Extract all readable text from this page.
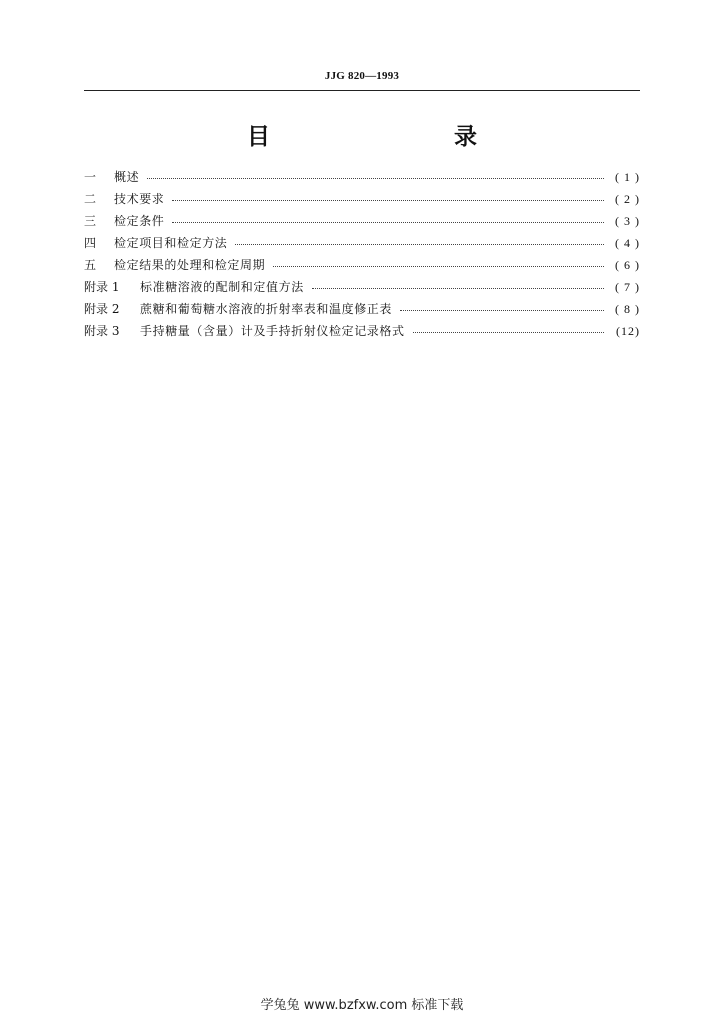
JJG 820—1993
目　　录
一	概述	( 1 )
二	技术要求	( 2 )
三	检定条件	( 3 )
四	检定项目和检定方法	( 4 )
五	检定结果的处理和检定周期	( 6 )
附录 1	标准糖溶液的配制和定值方法	( 7 )
附录 2	蔗糖和葡萄糖水溶液的折射率表和温度修正表	( 8 )
附录 3	手持糖量（含量）计及手持折射仪检定记录格式	(12)
学兔兔 www.bzfxw.com 标准下载
